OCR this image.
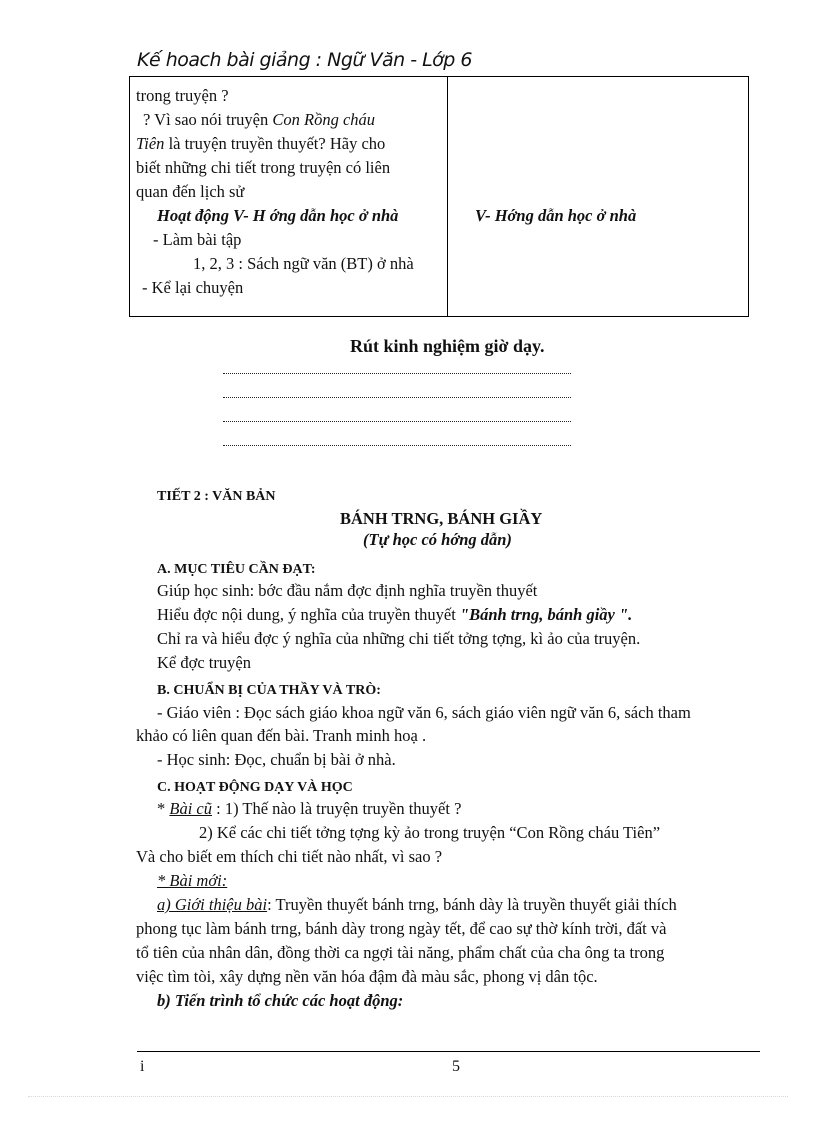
Kế hoach bài giảng : Ngữ Văn - Lớp 6
trong truyện ?
? Vì sao nói truyện Con Rồng cháu
Tiên là truyện truyền thuyết? Hãy cho
biết những chi tiết trong truyện có liên
quan đến lịch sử
Hoạt động V- H ớng dẫn học ở nhà
- Làm bài tập
1, 2, 3 : Sách ngữ văn (BT) ở nhà
- Kể lại chuyện
V- Hớng dẫn học ở nhà
Rút kinh nghiệm giờ dạy.
TIẾT 2 : VĂN BẢN
BÁNH TRNG, BÁNH GIẦY
(Tự học có hớng dẫn)
A. MỤC TIÊU CẦN ĐẠT:
Giúp học sinh: bớc đầu nắm đợc định nghĩa truyền thuyết
Hiểu đợc nội dung, ý nghĩa của truyền thuyết "Bánh trng, bánh giầy ".
Chỉ ra và hiểu đợc ý nghĩa của những chi tiết tởng tợng, kì ảo của truyện.
Kể đợc truyện
B. CHUẨN BỊ CỦA THẦY VÀ TRÒ:
- Giáo viên : Đọc sách giáo khoa ngữ văn 6, sách giáo viên ngữ văn 6, sách tham
khảo có liên quan đến bài. Tranh minh hoạ .
- Học sinh: Đọc, chuẩn bị bài ở nhà.
C. HOẠT ĐỘNG DẠY VÀ HỌC
* Bài cũ : 1) Thế nào là truyện truyền thuyết ?
2) Kể các chi tiết tởng tợng kỳ ảo trong truyện “Con Rồng cháu Tiên”
Và cho biết em thích chi tiết nào nhất, vì sao ?
* Bài mới:
a) Giới thiệu bài: Truyền thuyết bánh trng, bánh dày là truyền thuyết giải thích
phong tục làm bánh trng, bánh dày trong ngày tết, để cao sự thờ kính trời, đất và
tổ tiên của nhân dân, đồng thời ca ngợi tài năng, phẩm chất của cha ông ta trong
việc tìm tòi, xây dựng nền văn hóa đậm đà màu sắc, phong vị dân tộc.
b) Tiến trình tổ chức các hoạt động:
i	5
